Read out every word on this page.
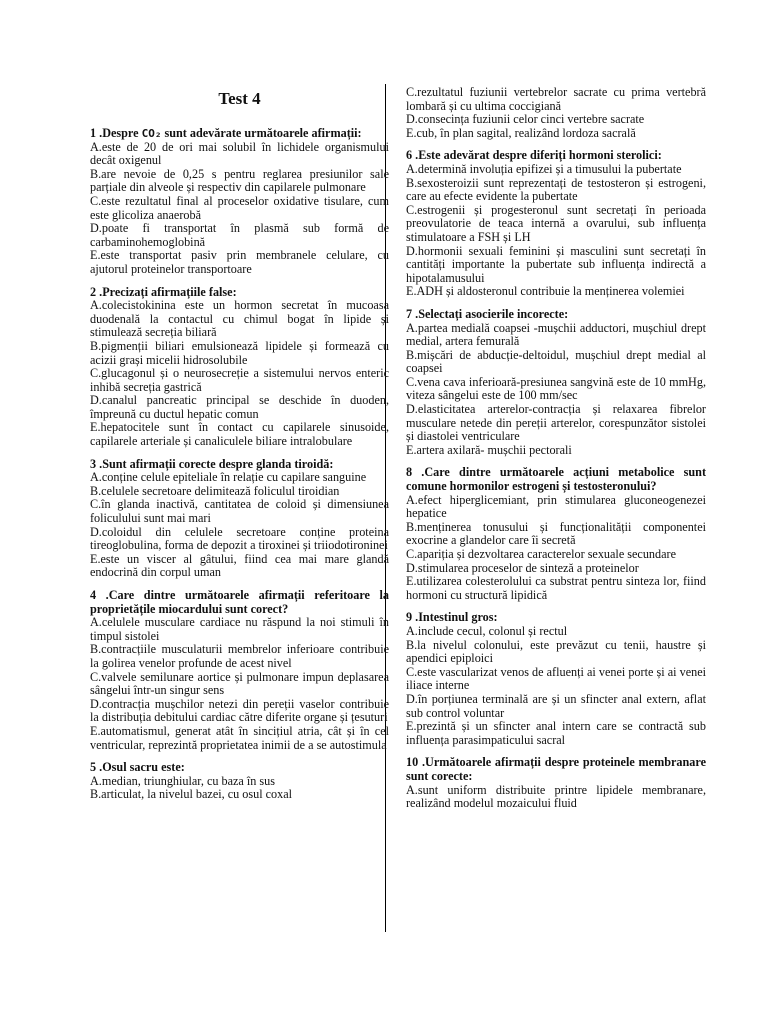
Test 4
1 .Despre CO₂ sunt adevărate următoarele afirmații:
A.este de 20 de ori mai solubil în lichidele organismului decât oxigenul
B.are nevoie de 0,25 s pentru reglarea presiunilor sale parțiale din alveole și respectiv din capilarele pulmonare
C.este rezultatul final al proceselor oxidative tisulare, cum este glicoliza anaerobă
D.poate fi transportat în plasmă sub formă de carbaminohemoglobină
E.este transportat pasiv prin membranele celulare, cu ajutorul proteinelor transportoare
2 .Precizați afirmațiile false:
A.colecistokinina este un hormon secretat în mucoasa duodenală la contactul cu chimul bogat în lipide și stimulează secreția biliară
B.pigmenții biliari emulsionează lipidele și formează cu acizii grași micelii hidrosolubile
C.glucagonul și o neurosecreție a sistemului nervos enteric inhibă secreția gastrică
D.canalul pancreatic principal se deschide în duoden, împreună cu ductul hepatic comun
E.hepatocitele sunt în contact cu capilarele sinusoide, capilarele arteriale și canaliculele biliare intralobulare
3 .Sunt afirmații corecte despre glanda tiroidă:
A.conține celule epiteliale în relație cu capilare sanguine
B.celulele secretoare delimitează foliculul tiroidian
C.în glanda inactivă, cantitatea de coloid și dimensiunea foliculului sunt mai mari
D.coloidul din celulele secretoare conține proteina tireoglobulina, forma de depozit a tiroxinei și triiodotironinei
E.este un viscer al gâtului, fiind cea mai mare glandă endocrină din corpul uman
4 .Care dintre următoarele afirmații referitoare la proprietățile miocardului sunt corect?
A.celulele musculare cardiace nu răspund la noi stimuli în timpul sistolei
B.contracțiile musculaturii membrelor inferioare contribuie la golirea venelor profunde de acest nivel
C.valvele semilunare aortice și pulmonare impun deplasarea sângelui într-un singur sens
D.contracția mușchilor netezi din pereții vaselor contribuie la distribuția debitului cardiac către diferite organe și țesuturi
E.automatismul, generat atât în sincițiul atria, cât și în cel ventricular, reprezintă proprietatea inimii de a se autostimula
5 .Osul sacru este:
A.median, triunghiular, cu baza în sus
B.articulat, la nivelul bazei, cu osul coxal
C.rezultatul fuziunii vertebrelor sacrate cu prima vertebră lombară și cu ultima coccigiană
D.consecința fuziunii celor cinci vertebre sacrate
E.cub, în plan sagital, realizând lordoza sacrală
6 .Este adevărat despre diferiți hormoni sterolici:
A.determină involuția epifizei și a timusului la pubertate
B.sexosteroizii sunt reprezentați de testosteron și estrogeni, care au efecte evidente la pubertate
C.estrogenii și progesteronul sunt secretați în perioada preovulatorie de teaca internă a ovarului, sub influența stimulatoare a FSH și LH
D.hormonii sexuali feminini și masculini sunt secretați în cantități importante la pubertate sub influența indirectă a hipotalamusului
E.ADH și aldosteronul contribuie la menținerea volemiei
7 .Selectați asocierile incorecte:
A.partea medială coapsei -mușchii adductori, mușchiul drept medial, artera femurală
B.mișcări de abducție-deltoidul, mușchiul drept medial al coapsei
C.vena cava inferioară-presiunea sangvină este de 10 mmHg, viteza sângelui este de 100 mm/sec
D.elasticitatea arterelor-contracția și relaxarea fibrelor musculare netede din pereții arterelor, corespunzător sistolei și diastolei ventriculare
E.artera axilară- mușchii pectorali
8 .Care dintre următoarele acțiuni metabolice sunt comune hormonilor estrogeni și testosteronului?
A.efect hiperglicemiant, prin stimularea gluconeogenezei hepatice
B.menținerea tonusului și funcționalității componentei exocrine a glandelor care îi secretă
C.apariția și dezvoltarea caracterelor sexuale secundare
D.stimularea proceselor de sinteză a proteinelor
E.utilizarea colesterolului ca substrat pentru sinteza lor, fiind hormoni cu structură lipidică
9 .Intestinul gros:
A.include cecul, colonul și rectul
B.la nivelul colonului, este prevăzut cu tenii, haustre și apendici epiploici
C.este vascularizat venos de afluenți ai venei porte și ai venei iliace interne
D.în porțiunea terminală are și un sfincter anal extern, aflat sub control voluntar
E.prezintă și un sfincter anal intern care se contractă sub influența parasimpaticului sacral
10 .Următoarele afirmații despre proteinele membranare sunt corecte:
A.sunt uniform distribuite printre lipidele membranare, realizând modelul mozaicului fluid
